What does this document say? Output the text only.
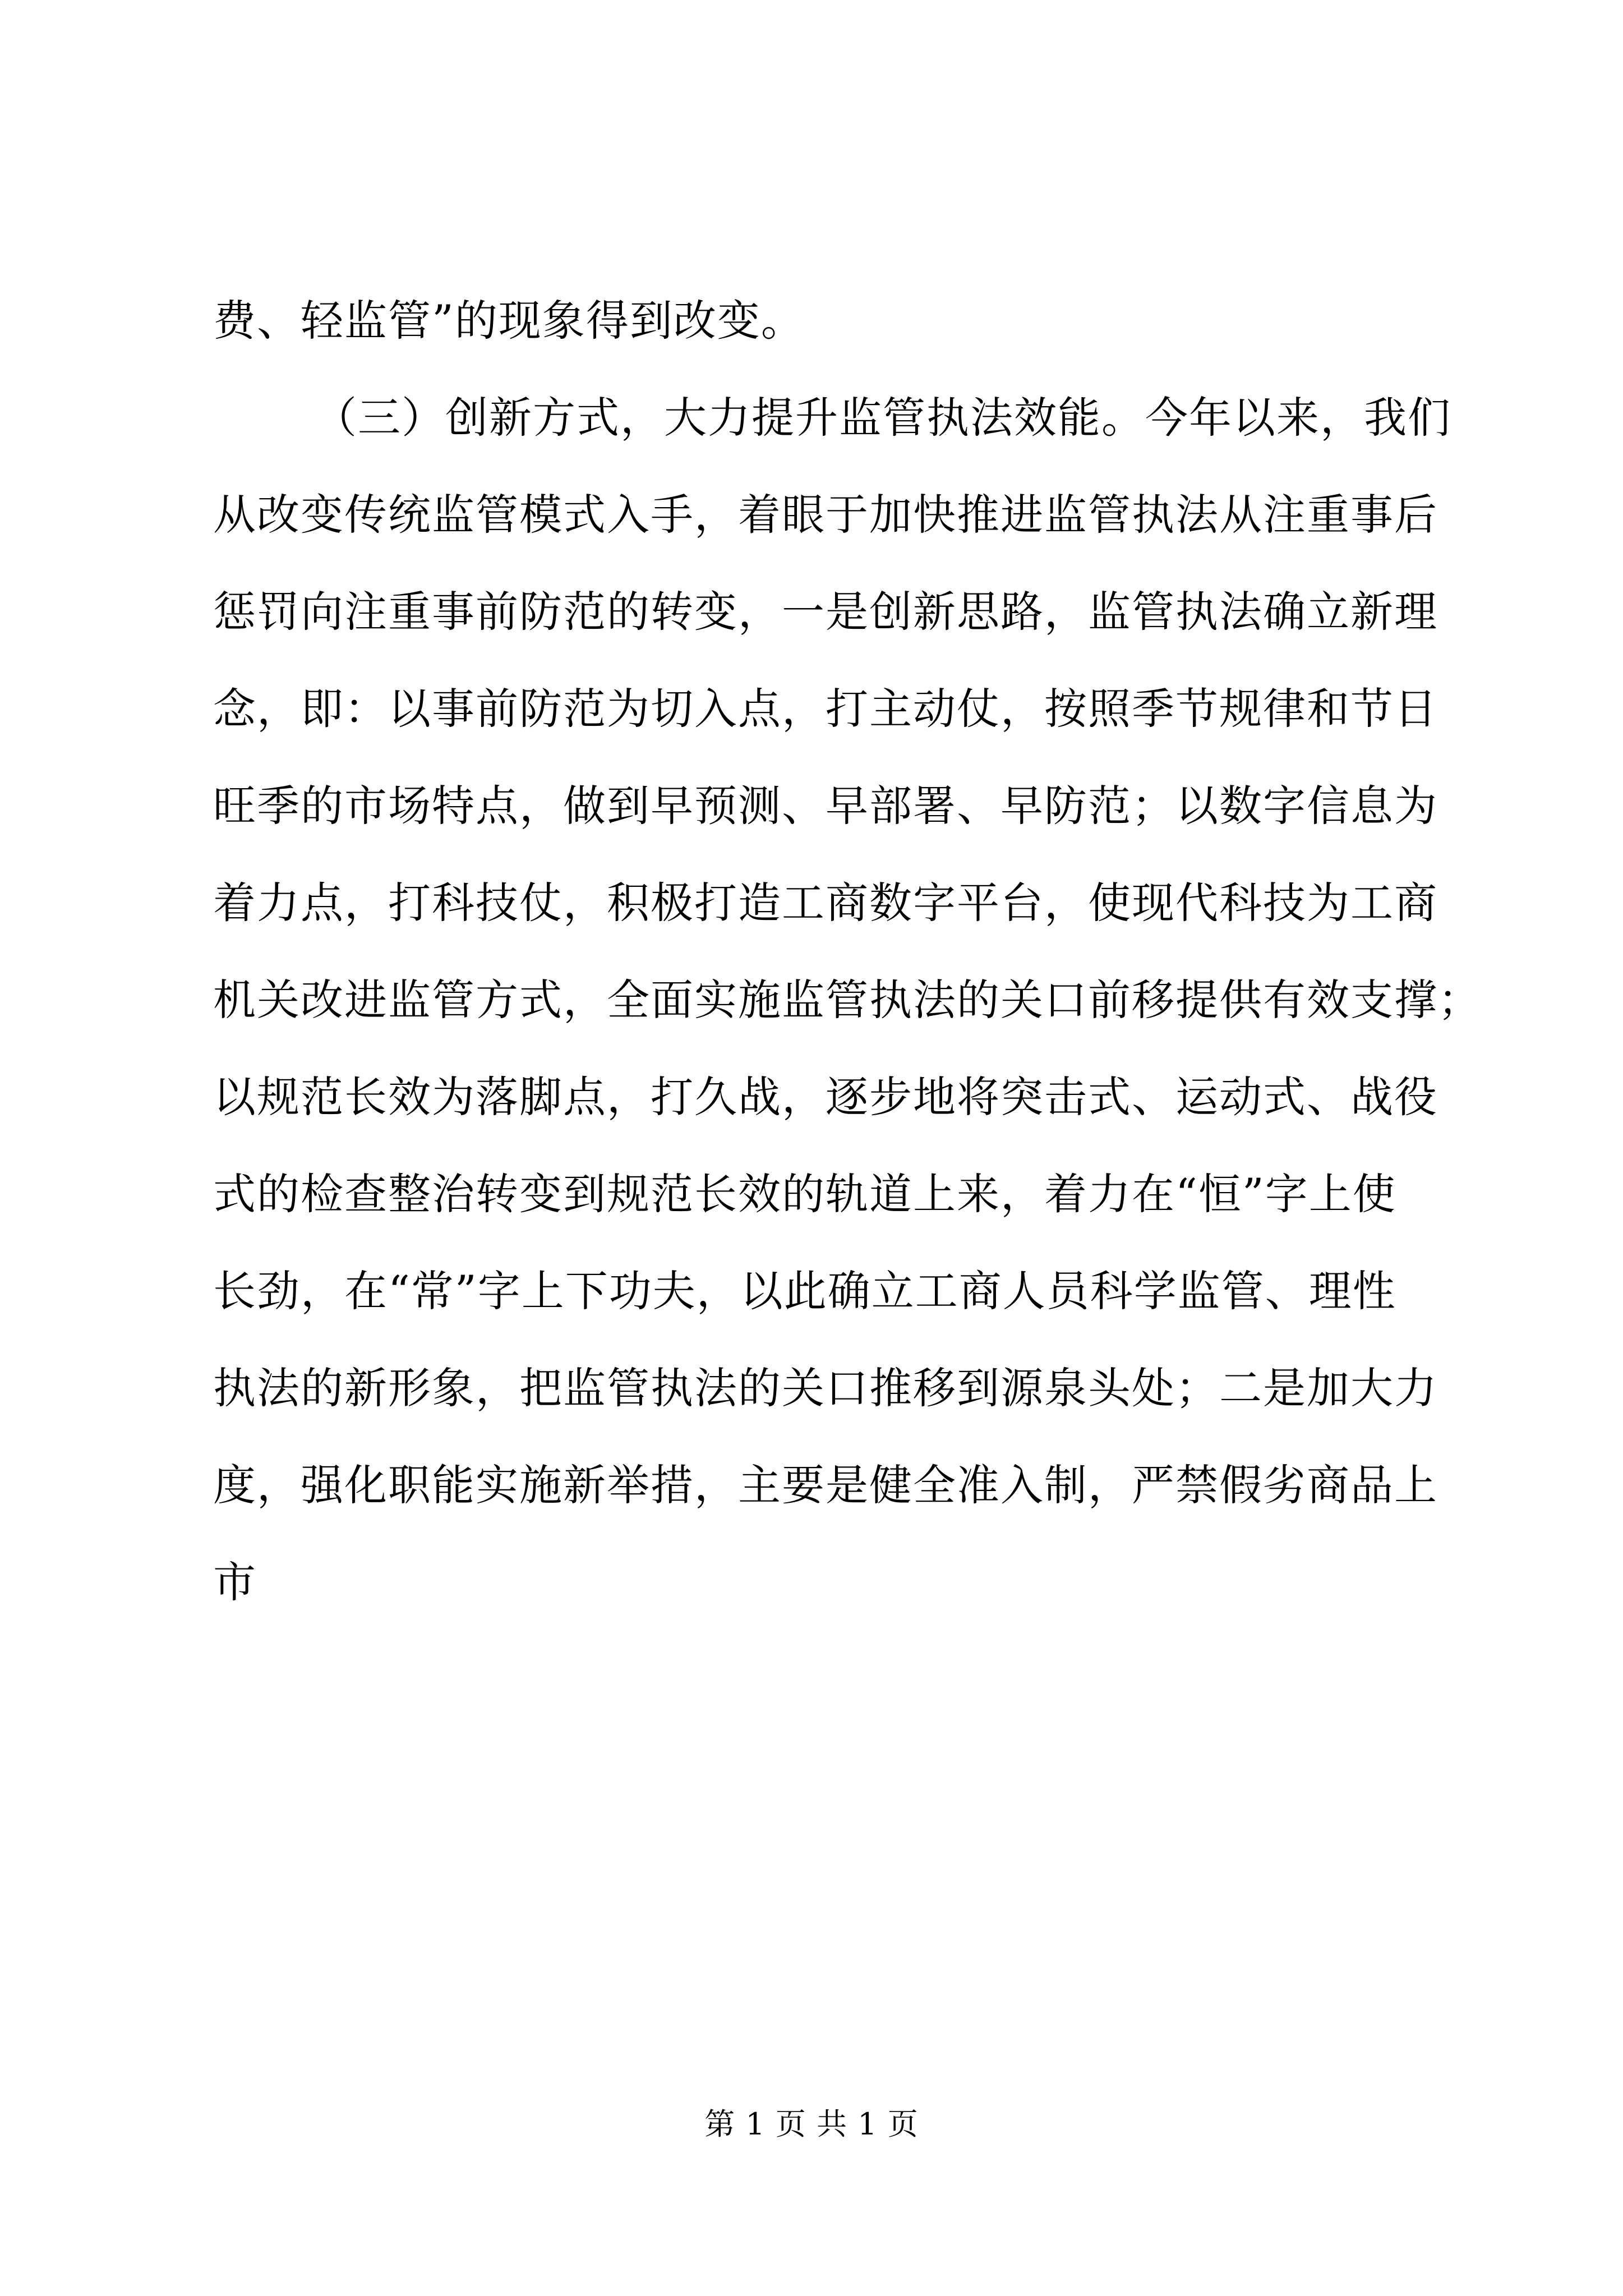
费、轻监管”的现象得到改变。
（三）创新方式，大力提升监管执法效能。今年以来，我们
从改变传统监管模式入手，着眼于加快推进监管执法从注重事后
惩罚向注重事前防范的转变，一是创新思路，监管执法确立新理
念，即：以事前防范为切入点，打主动仗，按照季节规律和节日
旺季的市场特点，做到早预测、早部署、早防范；以数字信息为
着力点，打科技仗，积极打造工商数字平台，使现代科技为工商
机关改进监管方式，全面实施监管执法的关口前移提供有效支撑；
以规范长效为落脚点，打久战，逐步地将突击式、运动式、战役
式的检查整治转变到规范长效的轨道上来，着力在“恒”字上使
长劲，在“常”字上下功夫，以此确立工商人员科学监管、理性
执法的新形象，把监管执法的关口推移到源泉头处；二是加大力
度，强化职能实施新举措，主要是健全准入制，严禁假劣商品上
市
第 1 页 共 1 页
